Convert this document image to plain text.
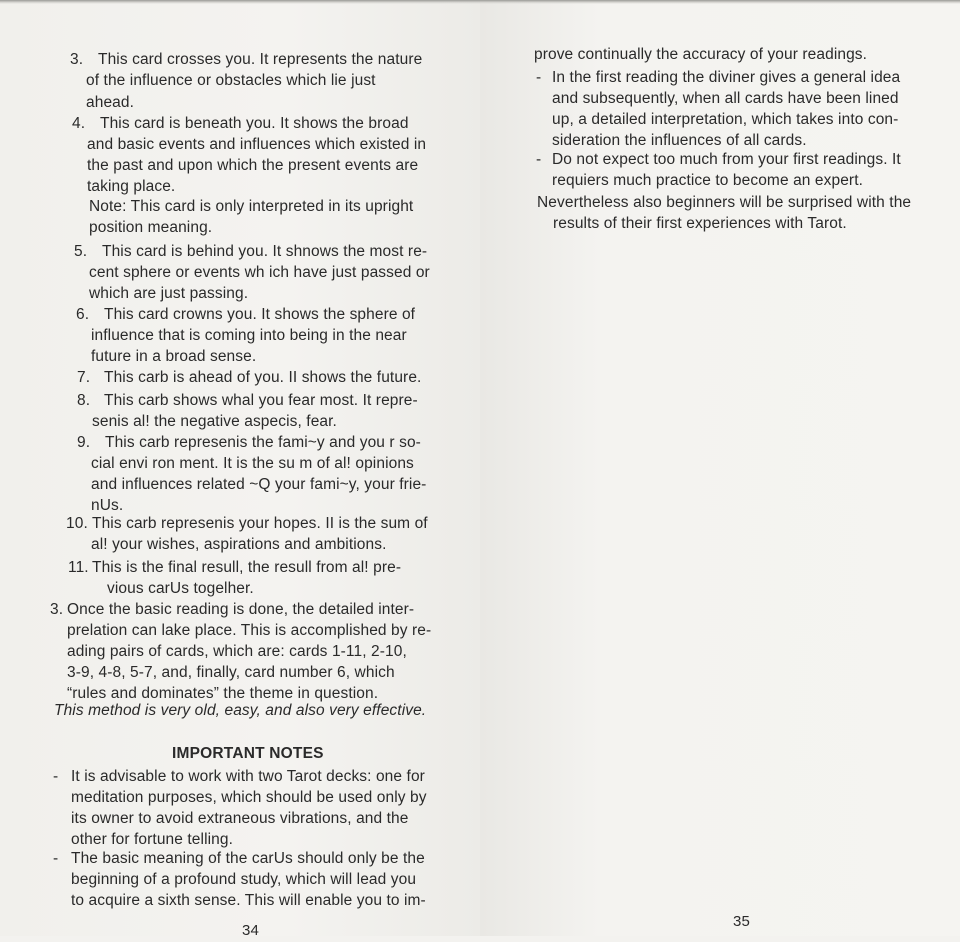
3. This card crosses you. It represents the nature
of the influence or obstacles which lie just
ahead.
4. This card is beneath you. It shows the broad
and basic events and influences which existed in
the past and upon which the present events are
taking place.
Note: This card is only interpreted in its upright
position meaning.
5. This card is behind you. It shnows the most re-
cent sphere or events wh ich have just passed or
which are just passing.
6. This card crowns you. It shows the sphere of
influence that is coming into being in the near
future in a broad sense.
7. This carb is ahead of you. II shows the future.
8. This carb shows whal you fear most. It repre-
senis al! the negative aspecis, fear.
9. This carb represenis the fami~y and you r so-
cial envi ron ment. It is the su m of al! opinions
and influences related ~Q your fami~y, your frie-
nUs.
10. This carb represenis your hopes. II is the sum of
al! your wishes, aspirations and ambitions.
11. This is the final resull, the resull from al! pre-
vious carUs togelher.
3. Once the basic reading is done, the detailed inter-
prelation can lake place. This is accomplished by re-
ading pairs of cards, which are: cards 1-11, 2-10,
3-9, 4-8, 5-7, and, finally, card number 6, which
“rules and dominates” the theme in question.
This method is very old, easy, and also very effective.
IMPORTANT NOTES
- It is advisable to work with two Tarot decks: one for
meditation purposes, which should be used only by
its owner to avoid extraneous vibrations, and the
other for fortune telling.
- The basic meaning of the carUs should only be the
beginning of a profound study, which will lead you
to acquire a sixth sense. This will enable you to im-
34
prove continually the accuracy of your readings.
- In the first reading the diviner gives a general idea
and subsequently, when all cards have been lined
up, a detailed interpretation, which takes into con-
sideration the influences of all cards.
- Do not expect too much from your first readings. It
requiers much practice to become an expert.
Nevertheless also beginners will be surprised with the
results of their first experiences with Tarot.
35
